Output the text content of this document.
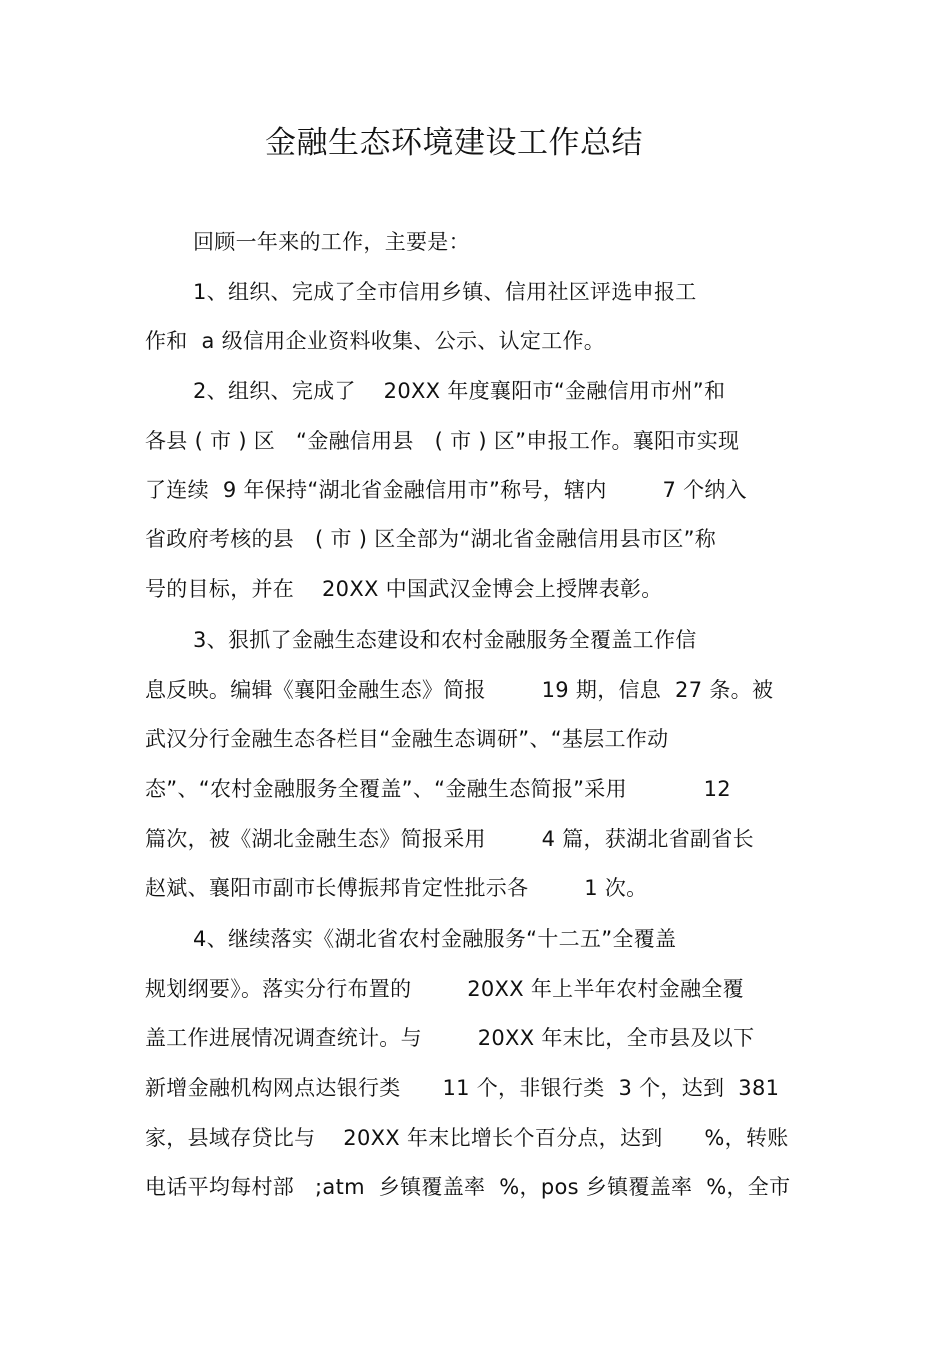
金融生态环境建设工作总结
回顾一年来的工作，主要是：
1、组织、完成了全市信用乡镇、信用社区评选申报工
作和  a 级信用企业资料收集、公示、认定工作。
2、组织、完成了    20XX 年度襄阳市“金融信用市州”和
各县 ( 市 ) 区   “金融信用县   ( 市 ) 区”申报工作。襄阳市实现
了连续  9 年保持“湖北省金融信用市”称号，辖内        7 个纳入
省政府考核的县   ( 市 ) 区全部为“湖北省金融信用县市区”称
号的目标，并在    20XX 中国武汉金博会上授牌表彰。
3、狠抓了金融生态建设和农村金融服务全覆盖工作信
息反映。编辑《襄阳金融生态》简报        19 期，信息  27 条。被
武汉分行金融生态各栏目“金融生态调研”、“基层工作动
态”、“农村金融服务全覆盖”、“金融生态简报”采用           12
篇次，被《湖北金融生态》简报采用        4 篇，获湖北省副省长
赵斌、襄阳市副市长傅振邦肯定性批示各        1 次。
4、继续落实《湖北省农村金融服务“十二五”全覆盖
规划纲要》。落实分行布置的        20XX 年上半年农村金融全覆
盖工作进展情况调查统计。与        20XX 年末比，全市县及以下
新增金融机构网点达银行类      11 个，非银行类  3 个，达到  381
家，县域存贷比与    20XX 年末比增长个百分点，达到      %，转账
电话平均每村部   ;atm  乡镇覆盖率  %，pos 乡镇覆盖率  %，全市
